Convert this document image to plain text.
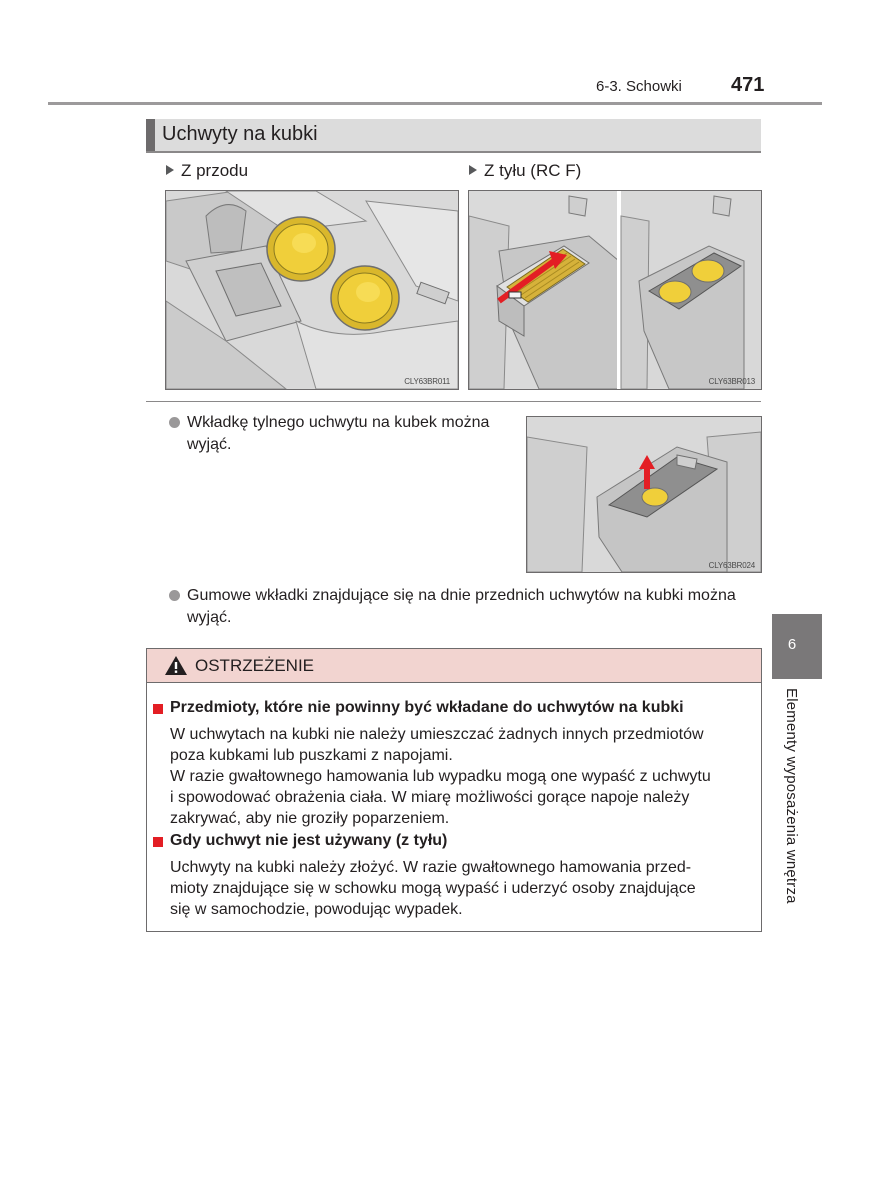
6-3. Schowki 471
Uchwyty na kubki
Z przodu	Z tyłu (RC F)
CLY63BR011	CLY63BR013
Wkładkę tylnego uchwytu na kubek można wyjąć.
CLY63BR024
Gumowe wkładki znajdujące się na dnie przednich uchwytów na kubki można wyjąć.
OSTRZEŻENIE
Przedmioty, które nie powinny być wkładane do uchwytów na kubki
W uchwytach na kubki nie należy umieszczać żadnych innych przedmiotów
poza kubkami lub puszkami z napojami.
W razie gwałtownego hamowania lub wypadku mogą one wypaść z uchwytu
i spowodować obrażenia ciała. W miarę możliwości gorące napoje należy
zakrywać, aby nie groziły poparzeniem.
Gdy uchwyt nie jest używany (z tyłu)
Uchwyty na kubki należy złożyć. W razie gwałtownego hamowania przed-
mioty znajdujące się w schowku mogą wypaść i uderzyć osoby znajdujące
się w samochodzie, powodując wypadek.
6
Elementy wyposażenia wnętrza
